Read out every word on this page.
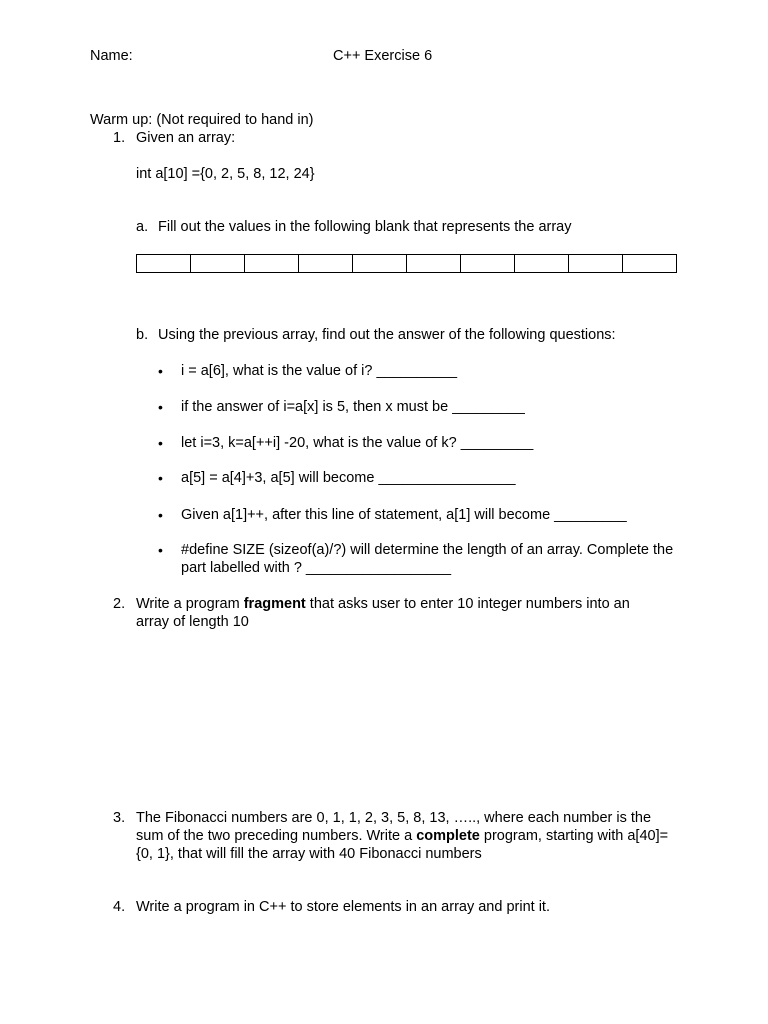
Name:	C++ Exercise 6
Warm up: (Not required to hand in)
1. Given an array:
int a[10] ={0, 2, 5, 8, 12, 24}
a. Fill out the values in the following blank that represents the array

b. Using the previous array, find out the answer of the following questions:
• i = a[6], what is the value of i? __________
• if the answer of i=a[x] is 5, then x must be _________
• let i=3, k=a[++i] -20, what is the value of k? _________
• a[5] = a[4]+3, a[5] will become _________________
• Given a[1]++, after this line of statement, a[1] will become _________
• #define SIZE (sizeof(a)/?) will determine the length of an array. Complete the part labelled with ? __________________
2. Write a program fragment that asks user to enter 10 integer numbers into an array of length 10
3. The Fibonacci numbers are 0, 1, 1, 2, 3, 5, 8, 13, ….., where each number is the sum of the two preceding numbers. Write a complete program, starting with a[40]={0, 1}, that will fill the array with 40 Fibonacci numbers
4. Write a program in C++ to store elements in an array and print it.
